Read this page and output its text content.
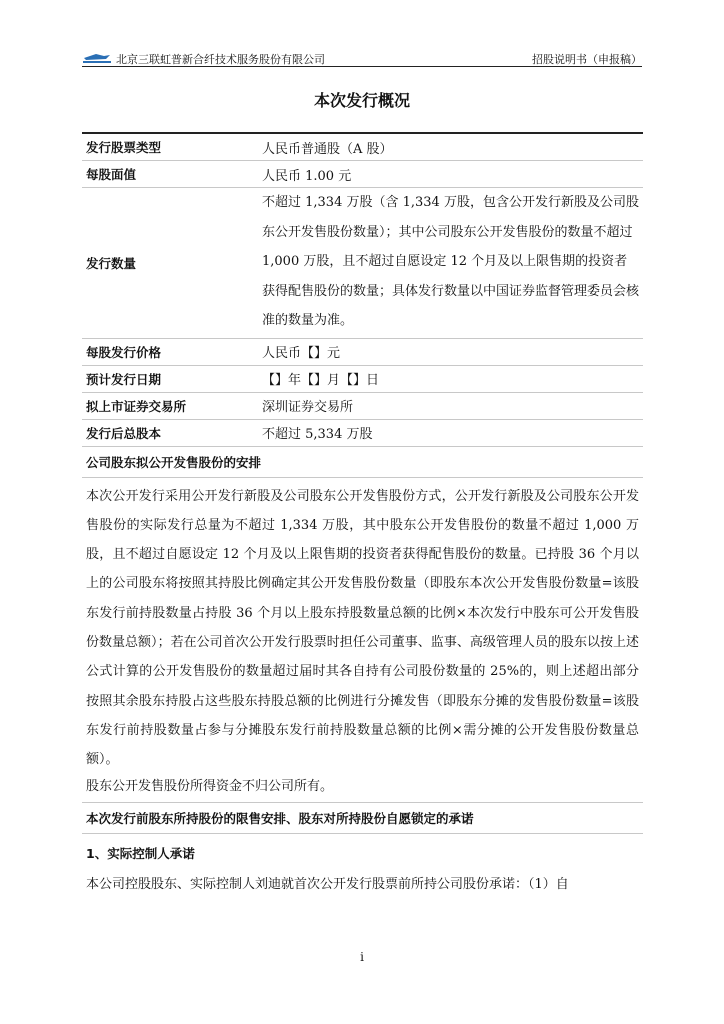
北京三联虹普新合纤技术服务股份有限公司	招股说明书（申报稿）
本次发行概况
发行股票类型	人民币普通股（A 股）
每股面值	人民币 1.00 元
发行数量	不超过 1,334 万股（含 1,334 万股，包含公开发行新股及公司股东公开发售股份数量）；其中公司股东公开发售股份的数量不超过 1,000 万股，且不超过自愿设定 12 个月及以上限售期的投资者获得配售股份的数量；具体发行数量以中国证券监督管理委员会核准的数量为准。
每股发行价格	人民币【】元
预计发行日期	【】年【】月【】日
拟上市证券交易所	深圳证券交易所
发行后总股本	不超过 5,334 万股
公司股东拟公开发售股份的安排
本次公开发行采用公开发行新股及公司股东公开发售股份方式，公开发行新股及公司股东公开发售股份的实际发行总量为不超过 1,334 万股，其中股东公开发售股份的数量不超过 1,000 万股，且不超过自愿设定 12 个月及以上限售期的投资者获得配售股份的数量。已持股 36 个月以上的公司股东将按照其持股比例确定其公开发售股份数量（即股东本次公开发售股份数量=该股东发行前持股数量占持股 36 个月以上股东持股数量总额的比例×本次发行中股东可公开发售股份数量总额）；若在公司首次公开发行股票时担任公司董事、监事、高级管理人员的股东以按上述公式计算的公开发售股份的数量超过届时其各自持有公司股份数量的 25%的，则上述超出部分按照其余股东持股占这些股东持股总额的比例进行分摊发售（即股东分摊的发售股份数量=该股东发行前持股数量占参与分摊股东发行前持股数量总额的比例×需分摊的公开发售股份数量总额）。
股东公开发售股份所得资金不归公司所有。
本次发行前股东所持股份的限售安排、股东对所持股份自愿锁定的承诺
1、实际控制人承诺
本公司控股股东、实际控制人刘迪就首次公开发行股票前所持公司股份承诺：（1）自
i
